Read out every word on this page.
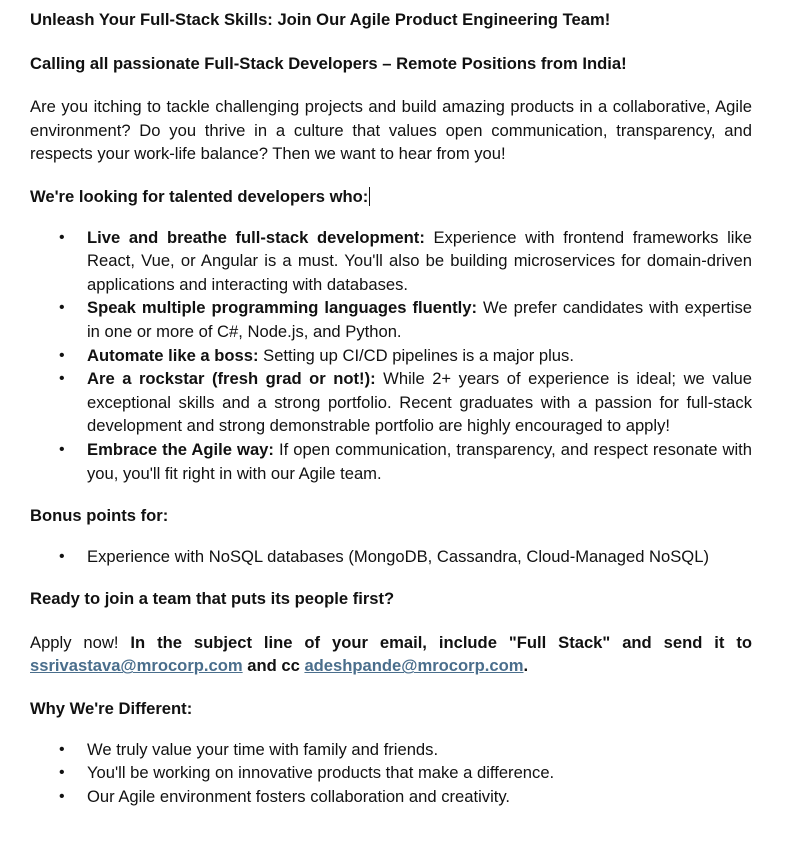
Unleash Your Full-Stack Skills: Join Our Agile Product Engineering Team!
Calling all passionate Full-Stack Developers – Remote Positions from India!

Are you itching to tackle challenging projects and build amazing products in a collaborative, Agile environment? Do you thrive in a culture that values open communication, transparency, and respects your work-life balance? Then we want to hear from you!

We're looking for talented developers who:
•	Live and breathe full-stack development: Experience with frontend frameworks like React, Vue, or Angular is a must. You'll also be building microservices for domain-driven applications and interacting with databases.
•	Speak multiple programming languages fluently: We prefer candidates with expertise in one or more of C#, Node.js, and Python.
•	Automate like a boss: Setting up CI/CD pipelines is a major plus.
•	Are a rockstar (fresh grad or not!): While 2+ years of experience is ideal; we value exceptional skills and a strong portfolio. Recent graduates with a passion for full-stack development and strong demonstrable portfolio are highly encouraged to apply!
•	Embrace the Agile way: If open communication, transparency, and respect resonate with you, you'll fit right in with our Agile team.
Bonus points for:
•	Experience with NoSQL databases (MongoDB, Cassandra, Cloud-Managed NoSQL)
Ready to join a team that puts its people first?

Apply now! In the subject line of your email, include "Full Stack" and send it to ssrivastava@mrocorp.com and cc adeshpande@mrocorp.com.

Why We're Different:
•	We truly value your time with family and friends.
•	You'll be working on innovative products that make a difference.
•	Our Agile environment fosters collaboration and creativity.
